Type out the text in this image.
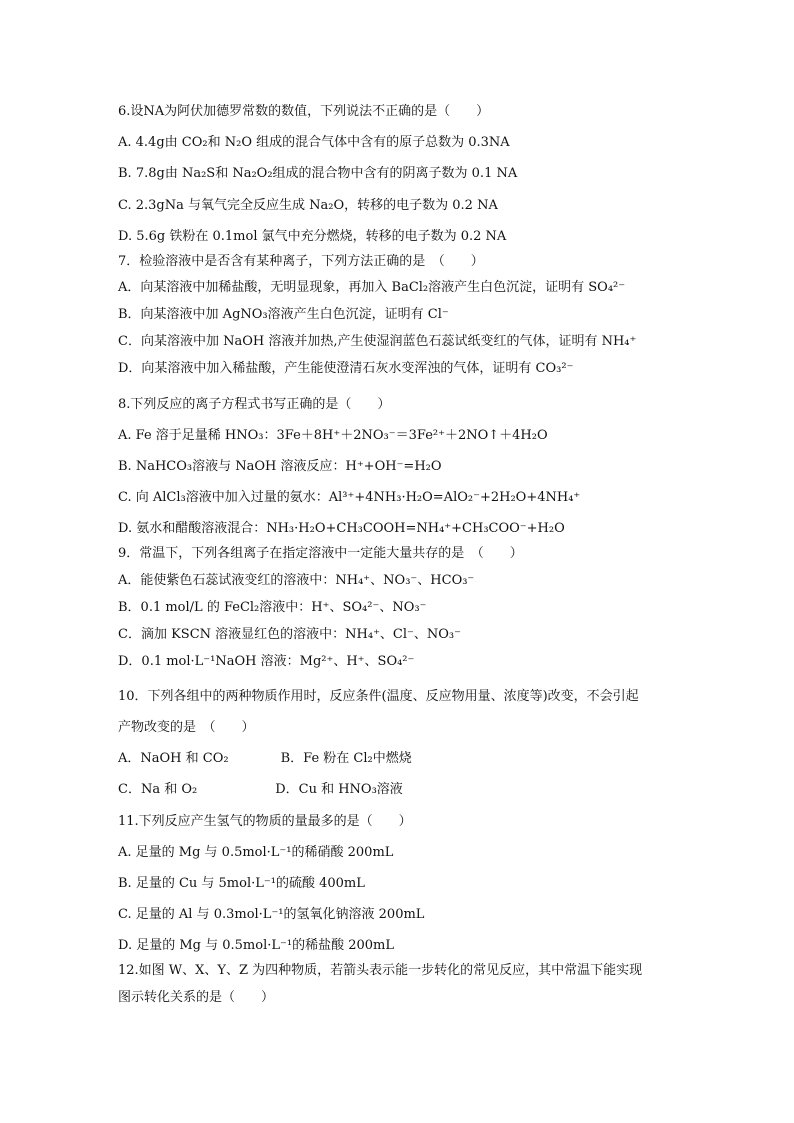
6.设NA为阿伏加德罗常数的数值，下列说法不正确的是（　　）
A. 4.4g由 CO₂和 N₂O 组成的混合气体中含有的原子总数为 0.3NA
B. 7.8g由 Na₂S和 Na₂O₂组成的混合物中含有的阴离子数为 0.1 NA
C. 2.3gNa 与氧气完全反应生成 Na₂O，转移的电子数为 0.2 NA
D. 5.6g 铁粉在 0.1mol 氯气中充分燃烧，转移的电子数为 0.2 NA
7．检验溶液中是否含有某种离子，下列方法正确的是　（　　）
A．向某溶液中加稀盐酸，无明显现象，再加入 BaCl₂溶液产生白色沉淀，证明有 SO₄²⁻
B．向某溶液中加 AgNO₃溶液产生白色沉淀，证明有 Cl⁻
C．向某溶液中加 NaOH 溶液并加热,产生使湿润蓝色石蕊试纸变红的气体，证明有 NH₄⁺
D．向某溶液中加入稀盐酸，产生能使澄清石灰水变浑浊的气体，证明有 CO₃²⁻
8.下列反应的离子方程式书写正确的是（　　）
A. Fe 溶于足量稀 HNO₃：3Fe＋8H⁺＋2NO₃⁻＝3Fe²⁺＋2NO↑＋4H₂O
B. NaHCO₃溶液与 NaOH 溶液反应：H⁺+OH⁻=H₂O
C. 向 AlCl₃溶液中加入过量的氨水：Al³⁺+4NH₃·H₂O=AlO₂⁻+2H₂O+4NH₄⁺
D. 氨水和醋酸溶液混合：NH₃·H₂O+CH₃COOH=NH₄⁺+CH₃COO⁻+H₂O
9．常温下，下列各组离子在指定溶液中一定能大量共存的是　（　　）
A．能使紫色石蕊试液变红的溶液中：NH₄⁺、NO₃⁻、HCO₃⁻
B．0.1 mol/L 的 FeCl₂溶液中：H⁺、SO₄²⁻、NO₃⁻
C．滴加 KSCN 溶液显红色的溶液中：NH₄⁺、Cl⁻、NO₃⁻
D．0.1 mol·L⁻¹NaOH 溶液：Mg²⁺、H⁺、SO₄²⁻
10．下列各组中的两种物质作用时，反应条件(温度、反应物用量、浓度等)改变，不会引起
产物改变的是　（　　）
A．NaOH 和 CO₂　　　　B．Fe 粉在 Cl₂中燃烧
C．Na 和 O₂　　　　　　D．Cu 和 HNO₃溶液
11.下列反应产生氢气的物质的量最多的是（　　）
A. 足量的 Mg 与 0.5mol·L⁻¹的稀硝酸 200mL
B. 足量的 Cu 与 5mol·L⁻¹的硫酸 400mL
C. 足量的 Al 与 0.3mol·L⁻¹的氢氧化钠溶液 200mL
D. 足量的 Mg 与 0.5mol·L⁻¹的稀盐酸 200mL
12.如图 W、X、Y、Z 为四种物质，若箭头表示能一步转化的常见反应，其中常温下能实现
图示转化关系的是（　　）
